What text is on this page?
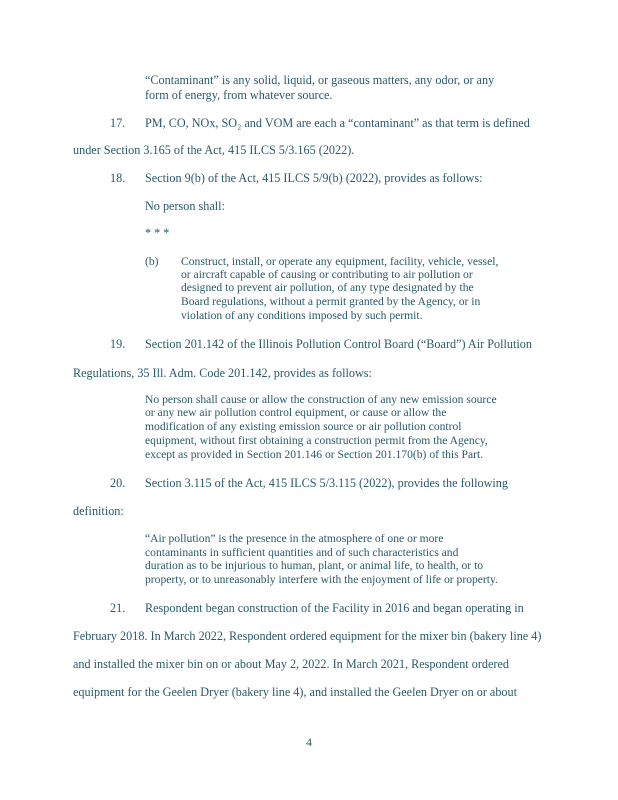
“Contaminant” is any solid, liquid, or gaseous matters, any odor, or any
form of energy, from whatever source.
17. PM, CO, NOx, SO₂ and VOM are each a “contaminant” as that term is defined
under Section 3.165 of the Act, 415 ILCS 5/3.165 (2022).
18. Section 9(b) of the Act, 415 ILCS 5/9(b) (2022), provides as follows:
No person shall:
* * *
(b) Construct, install, or operate any equipment, facility, vehicle, vessel,
or aircraft capable of causing or contributing to air pollution or
designed to prevent air pollution, of any type designated by the
Board regulations, without a permit granted by the Agency, or in
violation of any conditions imposed by such permit.
19. Section 201.142 of the Illinois Pollution Control Board (“Board”) Air Pollution
Regulations, 35 Ill. Adm. Code 201.142, provides as follows:
No person shall cause or allow the construction of any new emission source
or any new air pollution control equipment, or cause or allow the
modification of any existing emission source or air pollution control
equipment, without first obtaining a construction permit from the Agency,
except as provided in Section 201.146 or Section 201.170(b) of this Part.
20. Section 3.115 of the Act, 415 ILCS 5/3.115 (2022), provides the following
definition:
“Air pollution” is the presence in the atmosphere of one or more
contaminants in sufficient quantities and of such characteristics and
duration as to be injurious to human, plant, or animal life, to health, or to
property, or to unreasonably interfere with the enjoyment of life or property.
21. Respondent began construction of the Facility in 2016 and began operating in
February 2018. In March 2022, Respondent ordered equipment for the mixer bin (bakery line 4)
and installed the mixer bin on or about May 2, 2022. In March 2021, Respondent ordered
equipment for the Geelen Dryer (bakery line 4), and installed the Geelen Dryer on or about
4
